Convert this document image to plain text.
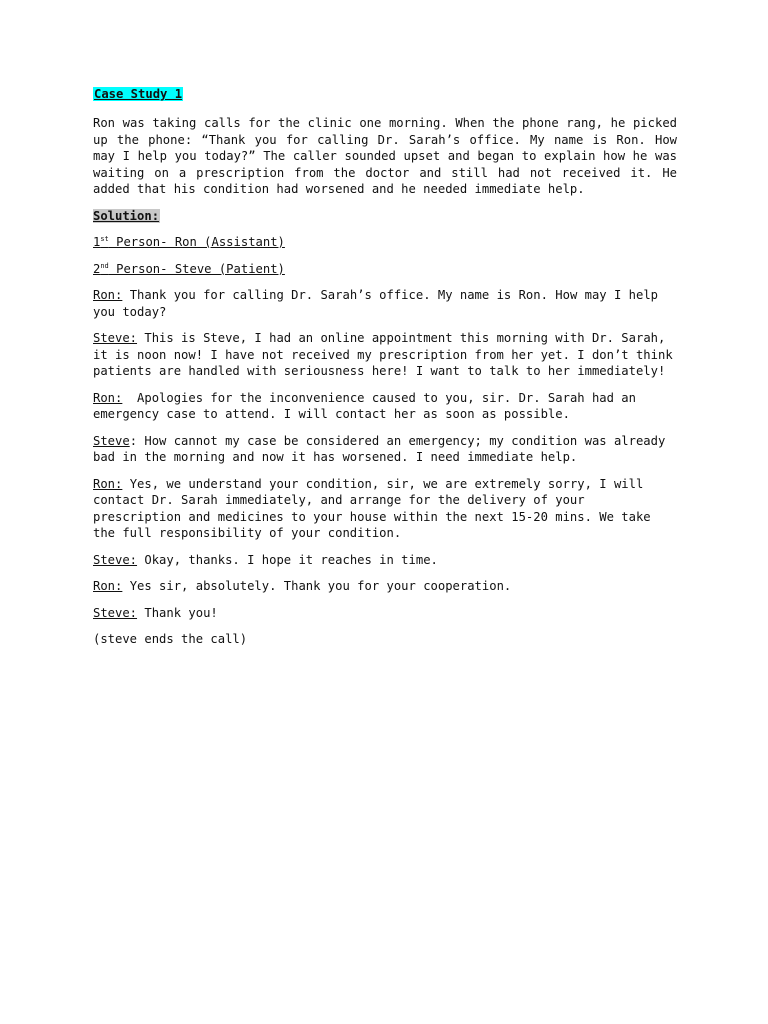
Case Study 1

Ron was taking calls for the clinic one morning. When the phone rang, he picked up the phone: “Thank you for calling Dr. Sarah’s office. My name is Ron. How may I help you today?” The caller sounded upset and began to explain how he was waiting on a prescription from the doctor and still had not received it. He added that his condition had worsened and he needed immediate help.

Solution:

1st Person- Ron (Assistant)

2nd Person- Steve (Patient)

Ron: Thank you for calling Dr. Sarah’s office. My name is Ron. How may I help you today?

Steve: This is Steve, I had an online appointment this morning with Dr. Sarah, it is noon now! I have not received my prescription from her yet. I don’t think patients are handled with seriousness here! I want to talk to her immediately!

Ron:  Apologies for the inconvenience caused to you, sir. Dr. Sarah had an emergency case to attend. I will contact her as soon as possible.

Steve: How cannot my case be considered an emergency; my condition was already bad in the morning and now it has worsened. I need immediate help.

Ron: Yes, we understand your condition, sir, we are extremely sorry, I will contact Dr. Sarah immediately, and arrange for the delivery of your prescription and medicines to your house within the next 15-20 mins. We take the full responsibility of your condition.

Steve: Okay, thanks. I hope it reaches in time.

Ron: Yes sir, absolutely. Thank you for your cooperation.

Steve: Thank you!

(steve ends the call)
